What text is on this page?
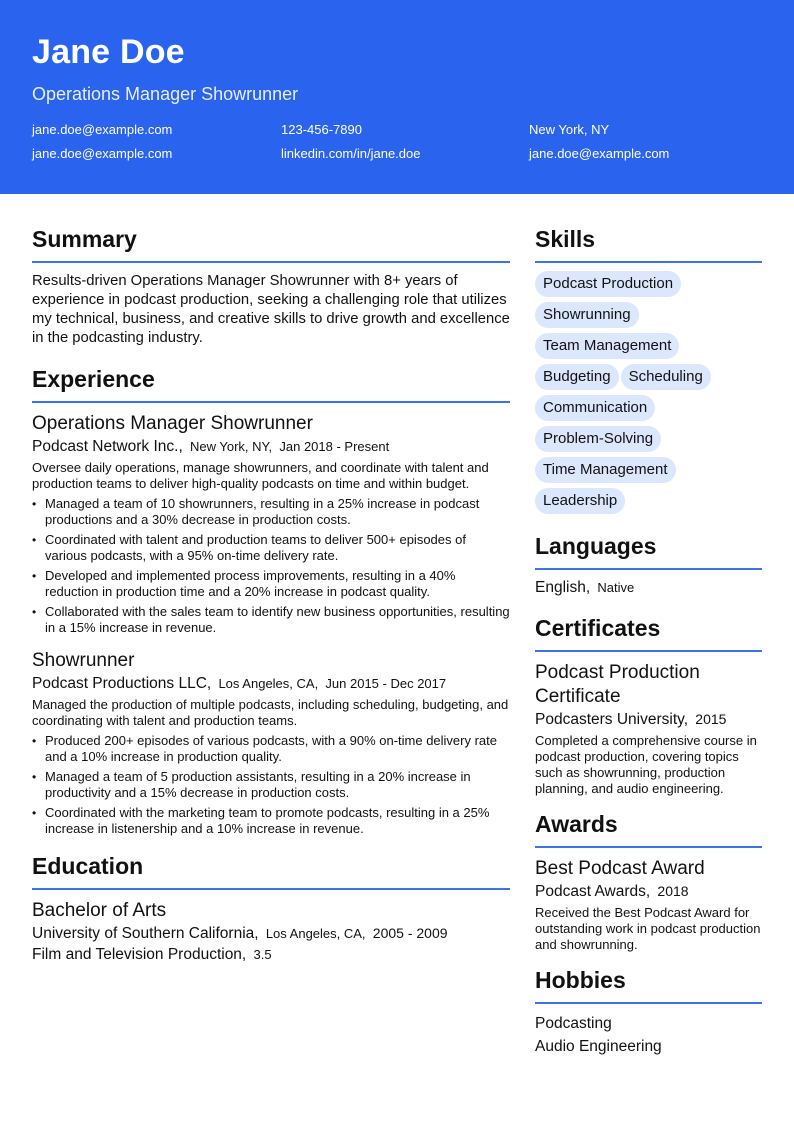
Jane Doe
Operations Manager Showrunner
jane.doe@example.com	123-456-7890	New York, NY
jane.doe@example.com	linkedin.com/in/jane.doe	jane.doe@example.com
Summary

Results-driven Operations Manager Showrunner with 8+ years of experience in podcast production, seeking a challenging role that utilizes my technical, business, and creative skills to drive growth and excellence in the podcasting industry.

Experience
Operations Manager Showrunner
Podcast Network Inc., New York, NY, Jan 2018 - Present

Oversee daily operations, manage showrunners, and coordinate with talent and production teams to deliver high-quality podcasts on time and within budget.

• Managed a team of 10 showrunners, resulting in a 25% increase in podcast productions and a 30% decrease in production costs.
• Coordinated with talent and production teams to deliver 500+ episodes of various podcasts, with a 95% on-time delivery rate.
• Developed and implemented process improvements, resulting in a 40% reduction in production time and a 20% increase in podcast quality.
• Collaborated with the sales team to identify new business opportunities, resulting in a 15% increase in revenue.
Showrunner
Podcast Productions LLC, Los Angeles, CA, Jun 2015 - Dec 2017

Managed the production of multiple podcasts, including scheduling, budgeting, and coordinating with talent and production teams.

• Produced 200+ episodes of various podcasts, with a 90% on-time delivery rate and a 10% increase in production quality.
• Managed a team of 5 production assistants, resulting in a 20% increase in productivity and a 15% decrease in production costs.
• Coordinated with the marketing team to promote podcasts, resulting in a 25% increase in listenership and a 10% increase in revenue.
Education
Bachelor of Arts
University of Southern California, Los Angeles, CA, 2005 - 2009
Film and Television Production, 3.5
Skills
Podcast Production
Showrunning
Team Management
Budgeting Scheduling
Communication
Problem-Solving
Time Management
Leadership
Languages
English, Native
Certificates
Podcast Production Certificate
Podcasters University, 2015

Completed a comprehensive course in podcast production, covering topics such as showrunning, production planning, and audio engineering.

Awards
Best Podcast Award
Podcast Awards, 2018

Received the Best Podcast Award for outstanding work in podcast production and showrunning.

Hobbies
Podcasting
Audio Engineering
